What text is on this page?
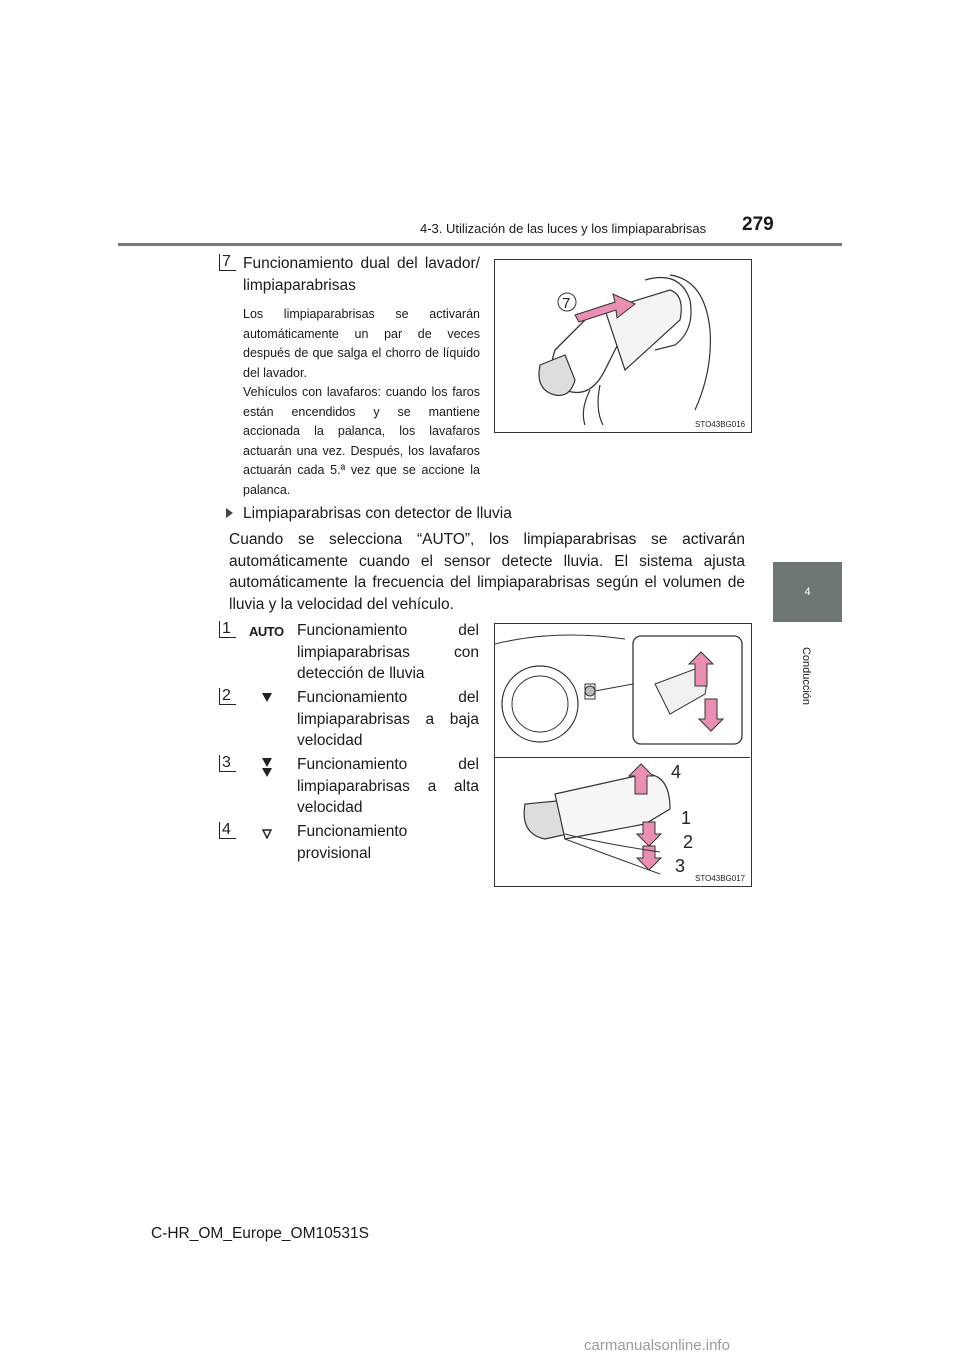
4-3. Utilización de las luces y los limpiaparabrisas 279
4
Conducción
7 Funcionamiento dual del lavador/ limpiaparabrisas
Los limpiaparabrisas se activarán automáticamente un par de veces después de que salga el chorro de líquido del lavador.
Vehículos con lavafaros: cuando los faros están encendidos y se mantiene accionada la palanca, los lavafaros actuarán una vez. Después, los lavafaros actuarán cada 5.ª vez que se accione la palanca.
7
STO43BG016
Limpiaparabrisas con detector de lluvia
Cuando se selecciona “AUTO”, los limpiaparabrisas se activarán automáticamente cuando el sensor detecte lluvia. El sistema ajusta automáticamente la frecuencia del limpiaparabrisas según el volumen de lluvia y la velocidad del vehículo.
1	AUTO Funcionamiento del limpiaparabrisas con detección de lluvia
2	Funcionamiento del limpiaparabrisas a baja velocidad
3	Funcionamiento del limpiaparabrisas a alta velocidad
4	Funcionamiento provisional
4
1
2
3
STO43BG017
C-HR_OM_Europe_OM10531S
carmanualsonline.info
